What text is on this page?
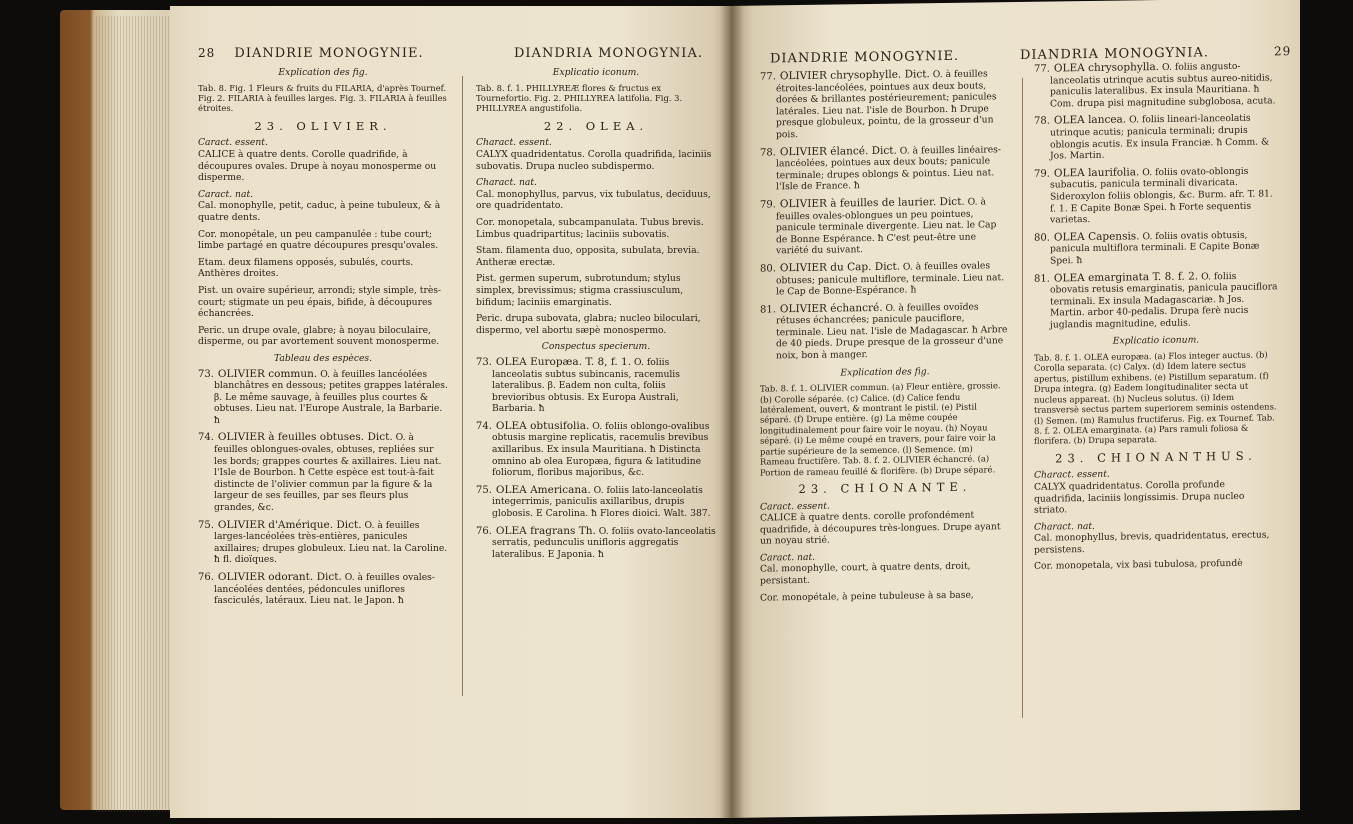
28 DIANDRIE MONOGYNIE.	DIANDRIA MONOGYNIA.
Explication des fig.
Tab. 8. Fig. 1 Fleurs & fruits du FILARIA, d'après Tournef. Fig. 2. FILARIA à feuilles larges. Fig. 3. FILARIA à feuilles étroites.
23. OLIVIER.
Caract. essent.
CALICE à quatre dents. Corolle quadrifide, à découpures ovales. Drupe à noyau monosperme ou disperme.
Caract. nat.
Cal. monophylle, petit, caduc, à peine tubuleux, & à quatre dents.
Cor. monopétale, un peu campanulée : tube court; limbe partagé en quatre découpures presqu'ovales.
Etam. deux filamens opposés, subulés, courts. Anthères droites.
Pist. un ovaire supérieur, arrondi; style simple, très-court; stigmate un peu épais, bifide, à découpures échancrées.
Peric. un drupe ovale, glabre; à noyau biloculaire, disperme, ou par avortement souvent monosperme.
Tableau des espèces.
73. OLIVIER commun. O. à feuilles lancéolées blanchâtres en dessous; petites grappes latérales. β. Le même sauvage, à feuilles plus courtes & obtuses. Lieu nat. l'Europe Australe, la Barbarie. ħ
74. OLIVIER à feuilles obtuses. Dict. O. à feuilles oblongues-ovales, obtuses, repliées sur les bords; grappes courtes & axillaires. Lieu nat. l'Isle de Bourbon. ħ Cette espèce est tout-à-fait distincte de l'olivier commun par la figure & la largeur de ses feuilles, par ses fleurs plus grandes, &c.
75. OLIVIER d'Amérique. Dict. O. à feuilles larges-lancéolées très-entières, panicules axillaires; drupes globuleux. Lieu nat. la Caroline. ħ fl. dioïques.
76. OLIVIER odorant. Dict. O. à feuilles ovales-lancéolées dentées, pédoncules uniflores fasciculés, latéraux. Lieu nat. le Japon. ħ
Explicatio iconum.
Tab. 8. f. 1. PHILLYREÆ flores & fructus ex Tournefortio. Fig. 2. PHILLYREA latifolia. Fig. 3. PHILLYREA angustifolia.
22. OLEA.
Charact. essent.
CALYX quadridentatus. Corolla quadrifida, laciniis subovatis. Drupa nucleo subdispermo.
Charact. nat.
Cal. monophyllus, parvus, vix tubulatus, deciduus, ore quadridentato.
Cor. monopetala, subcampanulata. Tubus brevis. Limbus quadripartitus; laciniis subovatis.
Stam. filamenta duo, opposita, subulata, brevia. Antheræ erectæ.
Pist. germen superum, subrotundum; stylus simplex, brevissimus; stigma crassiusculum, bifidum; laciniis emarginatis.
Peric. drupa subovata, glabra; nucleo biloculari, dispermo, vel abortu sæpè monospermo.
Conspectus specierum.
73. OLEA Europæa. T. 8, f. 1. O. foliis lanceolatis subtus subincanis, racemulis lateralibus. β. Eadem non culta, foliis brevioribus obtusis. Ex Europa Australi, Barbaria. ħ
74. OLEA obtusifolia. O. foliis oblongo-ovalibus obtusis margine replicatis, racemulis brevibus axillaribus. Ex insula Mauritiana. ħ Distincta omnino ab olea Europæa, figura & latitudine foliorum, floribus majoribus, &c.
75. OLEA Americana. O. foliis lato-lanceolatis integerrimis, paniculis axillaribus, drupis globosis. E Carolina. ħ Flores dioici. Walt. 387.
76. OLEA fragrans Th. O. foliis ovato-lanceolatis serratis, pedunculis unifloris aggregatis lateralibus. E Japonia. ħ
DIANDRIE MONOGYNIE.	DIANDRIA MONOGYNIA.	29
77. OLIVIER chrysophylle. Dict. O. à feuilles étroites-lancéolées, pointues aux deux bouts, dorées & brillantes postérieurement; panicules latérales. Lieu nat. l'isle de Bourbon. ħ Drupe presque globuleux, pointu, de la grosseur d'un pois.
78. OLIVIER élancé. Dict. O. à feuilles linéaires-lancéolées, pointues aux deux bouts; panicule terminale; drupes oblongs & pointus. Lieu nat. l'Isle de France. ħ
79. OLIVIER à feuilles de laurier. Dict. O. à feuilles ovales-oblongues un peu pointues, panicule terminale divergente. Lieu nat. le Cap de Bonne Espérance. ħ C'est peut-être une variété du suivant.
80. OLIVIER du Cap. Dict. O. à feuilles ovales obtuses; panicule multiflore, terminale. Lieu nat. le Cap de Bonne-Espérance. ħ
81. OLIVIER échancré. O. à feuilles ovoïdes rétuses échancrées; panicule pauciflore, terminale. Lieu nat. l'isle de Madagascar. ħ Arbre de 40 pieds. Drupe presque de la grosseur d'une noix, bon à manger.
Explication des fig.
Tab. 8. f. 1. OLIVIER commun. (a) Fleur entière, grossie. (b) Corolle séparée. (c) Calice. (d) Calice fendu latéralement, ouvert, & montrant le pistil. (e) Pistil séparé. (f) Drupe entière. (g) La même coupée longitudinalement pour faire voir le noyau. (h) Noyau séparé. (i) Le même coupé en travers, pour faire voir la partie supérieure de la semence. (l) Semence. (m) Rameau fructifère. Tab. 8. f. 2. OLIVIER échancré. (a) Portion de rameau feuillé & florifère. (b) Drupe séparé.
23. CHIONANTE.
Caract. essent.
CALICE à quatre dents. corolle profondément quadrifide, à découpures très-longues. Drupe ayant un noyau strié.
Caract. nat.
Cal. monophylle, court, à quatre dents, droit, persistant.
Cor. monopétale, à peine tubuleuse à sa base,
77. OLEA chrysophylla. O. foliis angusto-lanceolatis utrinque acutis subtus aureo-nitidis, paniculis lateralibus. Ex insula Mauritiana. ħ Com. drupa pisi magnitudine subglobosa, acuta.
78. OLEA lancea. O. foliis lineari-lanceolatis utrinque acutis; panicula terminali; drupis oblongis acutis. Ex insula Franciæ. ħ Comm. & Jos. Martin.
79. OLEA laurifolia. O. foliis ovato-oblongis subacutis, panicula terminali divaricata. Sideroxylon foliis oblongis, &c. Burm. afr. T. 81. f. 1. E Capite Bonæ Spei. ħ Forte sequentis varietas.
80. OLEA Capensis. O. foliis ovatis obtusis, panicula multiflora terminali. E Capite Bonæ Spei. ħ
81. OLEA emarginata T. 8. f. 2. O. foliis obovatis retusis emarginatis, panicula pauciflora terminali. Ex insula Madagascariæ. ħ Jos. Martin. arbor 40-pedalis. Drupa ferè nucis juglandis magnitudine, edulis.
Explicatio iconum.
Tab. 8. f. 1. OLEA europæa. (a) Flos integer auctus. (b) Corolla separata. (c) Calyx. (d) Idem latere sectus apertus, pistillum exhibens. (e) Pistillum separatum. (f) Drupa integra. (g) Eadem longitudinaliter secta ut nucleus appareat. (h) Nucleus solutus. (i) Idem transversè sectus partem superiorem seminis ostendens. (l) Semen. (m) Ramulus fructiferus. Fig. ex Tournef. Tab. 8. f. 2. OLEA emarginata. (a) Pars ramuli foliosa & florifera. (b) Drupa separata.
23. CHIONANTHUS.
Charact. essent.
CALYX quadridentatus. Corolla profunde quadrifida, laciniis longissimis. Drupa nucleo striato.
Charact. nat.
Cal. monophyllus, brevis, quadridentatus, erectus, persistens.
Cor. monopetala, vix basi tubulosa, profundè
